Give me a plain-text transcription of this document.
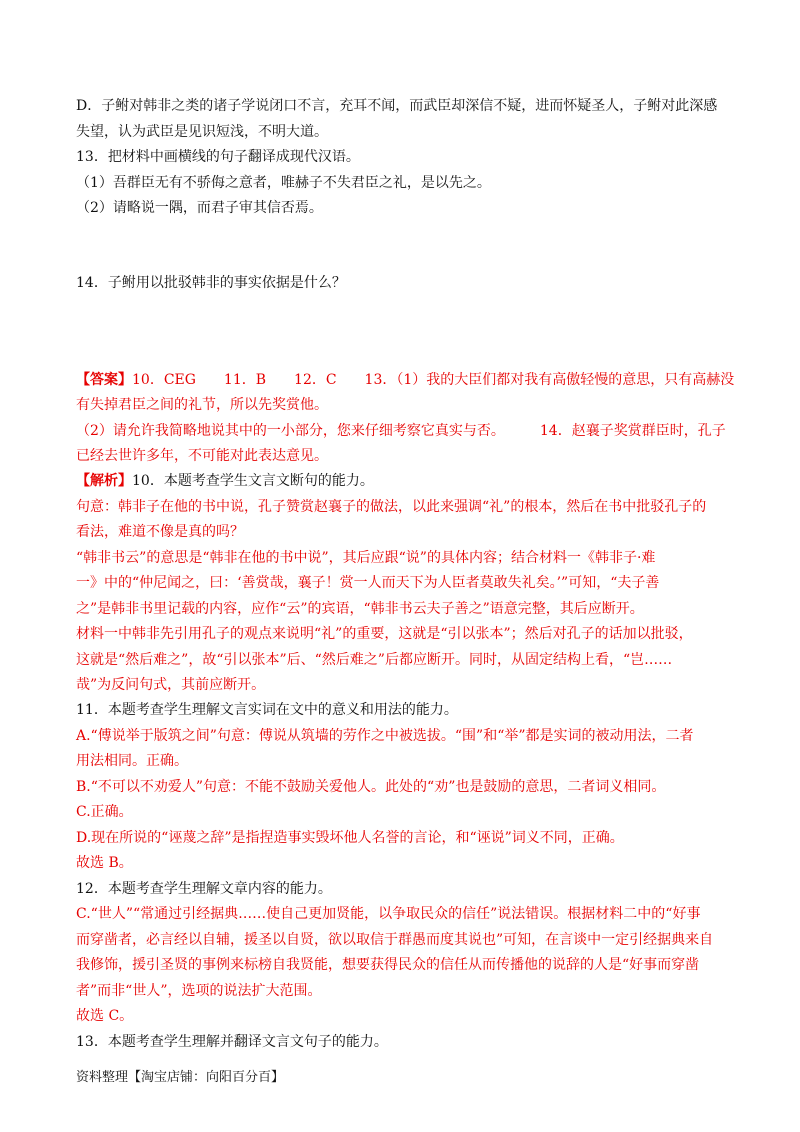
D．子鲋对韩非之类的诸子学说闭口不言，充耳不闻，而武臣却深信不疑，进而怀疑圣人，子鲋对此深感
失望，认为武臣是见识短浅，不明大道。
13．把材料中画横线的句子翻译成现代汉语。
（1）吾群臣无有不骄侮之意者，唯赫子不失君臣之礼，是以先之。
（2）请略说一隅，而君子审其信否焉。
14．子鲋用以批驳韩非的事实依据是什么？
【答案】10．CEG　　11．B　　12．C　　13．（1）我的大臣们都对我有高傲轻慢的意思，只有高赫没
有失掉君臣之间的礼节，所以先奖赏他。
（2）请允许我简略地说其中的一小部分，您来仔细考察它真实与否。　　　14．赵襄子奖赏群臣时，孔子
已经去世许多年，不可能对此表达意见。
【解析】10．本题考查学生文言文断句的能力。
句意：韩非子在他的书中说，孔子赞赏赵襄子的做法，以此来强调“礼”的根本，然后在书中批驳孔子的
看法，难道不像是真的吗？
“韩非书云”的意思是“韩非在他的书中说”，其后应跟“说”的具体内容；结合材料一《韩非子·难
一》中的“仲尼闻之，曰：‘善赏哉，襄子！赏一人而天下为人臣者莫敢失礼矣。’”可知，“夫子善
之”是韩非书里记载的内容，应作“云”的宾语，“韩非书云夫子善之”语意完整，其后应断开。
材料一中韩非先引用孔子的观点来说明“礼”的重要，这就是“引以张本”；然后对孔子的话加以批驳，
这就是“然后难之”，故“引以张本”后、“然后难之”后都应断开。同时，从固定结构上看，“岂……
哉”为反问句式，其前应断开。
11．本题考查学生理解文言实词在文中的意义和用法的能力。
A.“傅说举于版筑之间”句意：傅说从筑墙的劳作之中被选拔。“围”和“举”都是实词的被动用法，二者
用法相同。正确。
B.“不可以不劝爱人”句意：不能不鼓励关爱他人。此处的“劝”也是鼓励的意思，二者词义相同。
C.正确。
D.现在所说的“诬蔑之辞”是指捏造事实毁坏他人名誉的言论，和“诬说”词义不同，正确。
故选 B。
12．本题考查学生理解文章内容的能力。
C.“世人”“常通过引经据典……使自己更加贤能，以争取民众的信任”说法错误。根据材料二中的“好事
而穿凿者，必言经以自辅，援圣以自贤，欲以取信于群愚而度其说也”可知，在言谈中一定引经据典来自
我修饰，援引圣贤的事例来标榜自我贤能，想要获得民众的信任从而传播他的说辞的人是“好事而穿凿
者”而非“世人”，选项的说法扩大范围。
故选 C。
13．本题考查学生理解并翻译文言文句子的能力。
资料整理【淘宝店铺：向阳百分百】
